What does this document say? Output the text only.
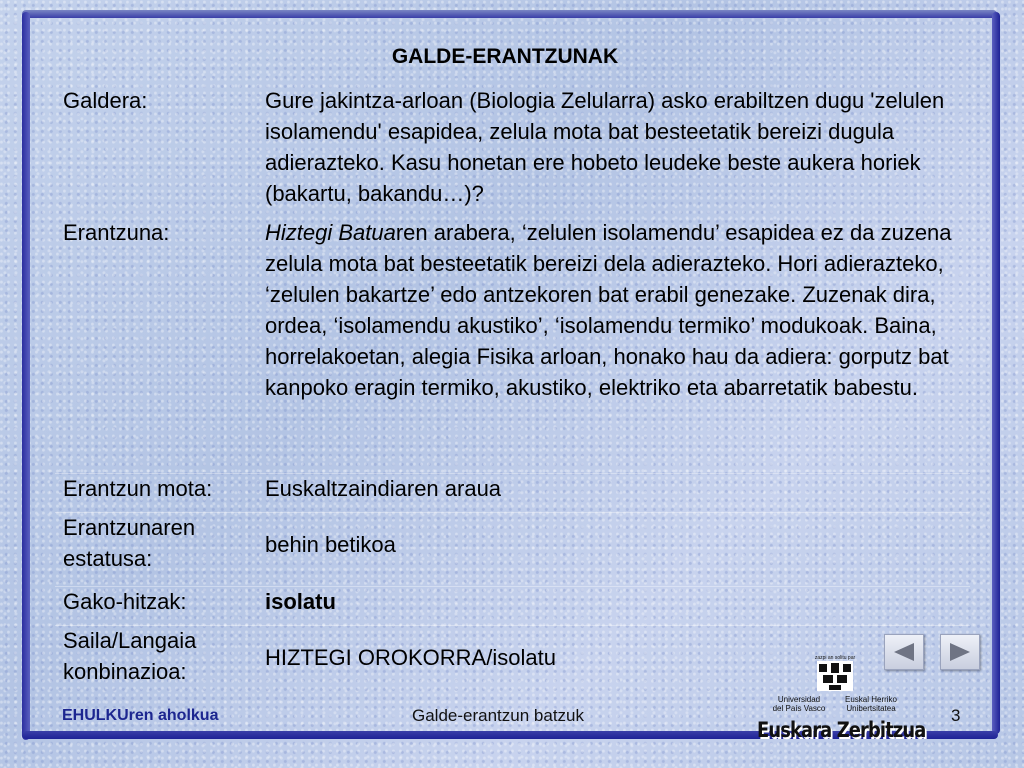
GALDE-ERANTZUNAK
Galdera:	Gure jakintza-arloan (Biologia Zelularra) asko erabiltzen dugu 'zelulen isolamendu' esapidea, zelula mota bat besteetatik bereizi dugula adierazteko. Kasu honetan ere hobeto leudeke beste aukera horiek (bakartu, bakandu…)?
Erantzuna:	Hiztegi Batuaren arabera, ‘zelulen isolamendu’ esapidea ez da zuzena zelula mota bat besteetatik bereizi dela adierazteko. Hori adierazteko, ‘zelulen bakartze’ edo antzekoren bat erabil genezake. Zuzenak dira, ordea, ‘isolamendu akustiko’, ‘isolamendu termiko’ modukoak. Baina, horrelakoetan, alegia Fisika arloan, honako hau da adiera: gorputz bat kanpoko eragin termiko, akustiko, elektriko eta abarretatik babestu.
Erantzun mota:	Euskaltzaindiaren araua
Erantzunaren estatusa:
behin betikoa
Gako-hitzak:	isolatu
Saila/Langaia konbinazioa:
HIZTEGI OROKORRA/isolatu	zazpi an solitu par
Universidad
del País Vasco
Euskal Herriko
Unibertsitatea
Euskara Zerbitzua
EHULKUren aholkua	Galde-erantzun batzuk	3
